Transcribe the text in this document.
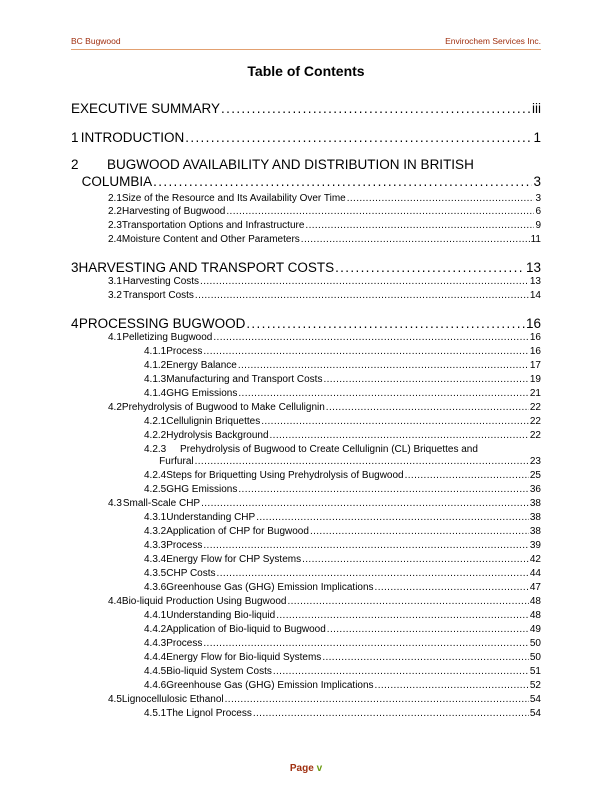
BC Bugwood	Envirochem Services Inc.
Table of Contents
EXECUTIVE SUMMARY . . .	iii
1 INTRODUCTION . . .	1
2	BUGWOOD AVAILABILITY AND DISTRIBUTION IN BRITISH
COLUMBIA . . .	3
2.1 Size of the Resource and Its Availability Over Time . . .	3
2.2 Harvesting of Bugwood . . .	6
2.3 Transportation Options and Infrastructure . . .	9
2.4 Moisture Content and Other Parameters . . .	11
3 HARVESTING AND TRANSPORT COSTS . . .	13
3.1 Harvesting Costs . . .	13
3.2 Transport Costs . . .	14
4 PROCESSING BUGWOOD . . .	16
4.1 Pelletizing Bugwood . . .	16
4.1.1 Process . . .	16
4.1.2 Energy Balance . . .	17
4.1.3 Manufacturing and Transport Costs . . .	19
4.1.4 GHG Emissions . . .	21
4.2 Prehydrolysis of Bugwood to Make Cellulignin . . .	22
4.2.1 Cellulignin Briquettes . . .	22
4.2.2 Hydrolysis Background . . .	22
4.2.3	Prehydrolysis of Bugwood to Create Cellulignin (CL) Briquettes and
Furfural . . .	23
4.2.4 Steps for Briquetting Using Prehydrolysis of Bugwood . . .	25
4.2.5 GHG Emissions . . .	36
4.3 Small-Scale CHP . . .	38
4.3.1 Understanding CHP . . .	38
4.3.2 Application of CHP for Bugwood . . .	38
4.3.3 Process . . .	39
4.3.4 Energy Flow for CHP Systems . . .	42
4.3.5 CHP Costs . . .	44
4.3.6 Greenhouse Gas (GHG) Emission Implications . . .	47
4.4 Bio-liquid Production Using Bugwood . . .	48
4.4.1 Understanding Bio-liquid . . .	48
4.4.2 Application of Bio-liquid to Bugwood . . .	49
4.4.3 Process . . .	50
4.4.4 Energy Flow for Bio-liquid Systems . . .	50
4.4.5 Bio-liquid System Costs . . .	51
4.4.6 Greenhouse Gas (GHG) Emission Implications . . .	52
4.5 Lignocellulosic Ethanol . . .	54
4.5.1 The Lignol Process . . .	54
Page v
